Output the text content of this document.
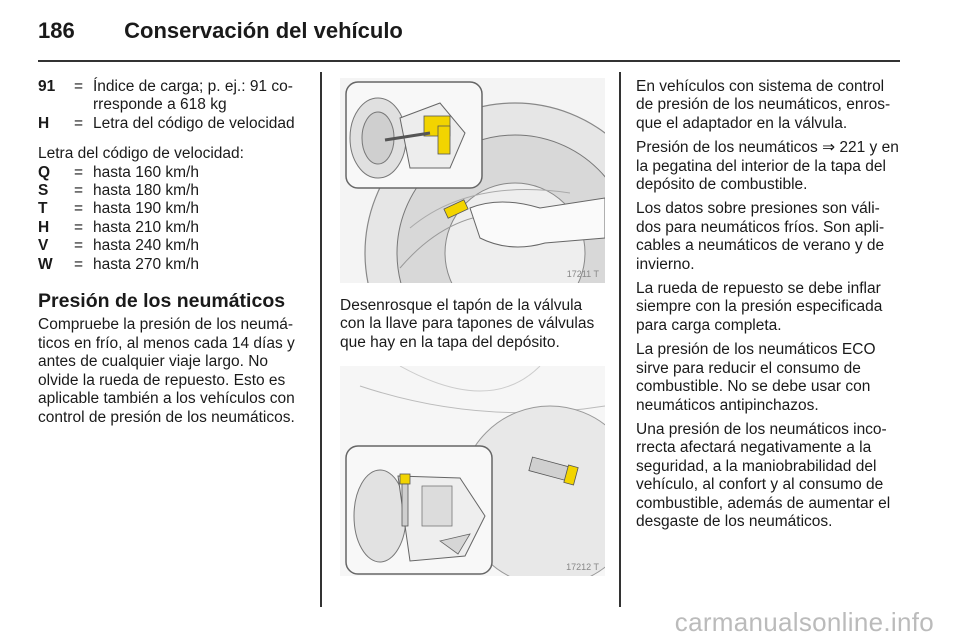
186 Conservación del vehículo
91	= Índice de carga; p. ej.: 91 co-rresponde a 618 kg
H	= Letra del código de velocidad

Letra del código de velocidad:

Q	= hasta 160 km/h
S	= hasta 180 km/h
T	= hasta 190 km/h
H	= hasta 210 km/h
V	= hasta 240 km/h
W	= hasta 270 km/h
Presión de los neumáticos

Compruebe la presión de los neumá-ticos en frío, al menos cada 14 días y antes de cualquier viaje largo. No olvide la rueda de repuesto. Esto es aplicable también a los vehículos con control de presión de los neumáticos.

17211 T

Desenrosque el tapón de la válvula con la llave para tapones de válvulas que hay en la tapa del depósito.

17212 T

En vehículos con sistema de control de presión de los neumáticos, enros-que el adaptador en la válvula.

Presión de los neumáticos ⇒ 221 y en la pegatina del interior de la tapa del depósito de combustible.

Los datos sobre presiones son váli-dos para neumáticos fríos. Son apli-cables a neumáticos de verano y de invierno.

La rueda de repuesto se debe inflar siempre con la presión especificada para carga completa.

La presión de los neumáticos ECO sirve para reducir el consumo de combustible. No se debe usar con neumáticos antipinchazos.

Una presión de los neumáticos inco-rrecta afectará negativamente a la seguridad, a la maniobrabilidad del vehículo, al confort y al consumo de combustible, además de aumentar el desgaste de los neumáticos.

carmanualsonline.info
